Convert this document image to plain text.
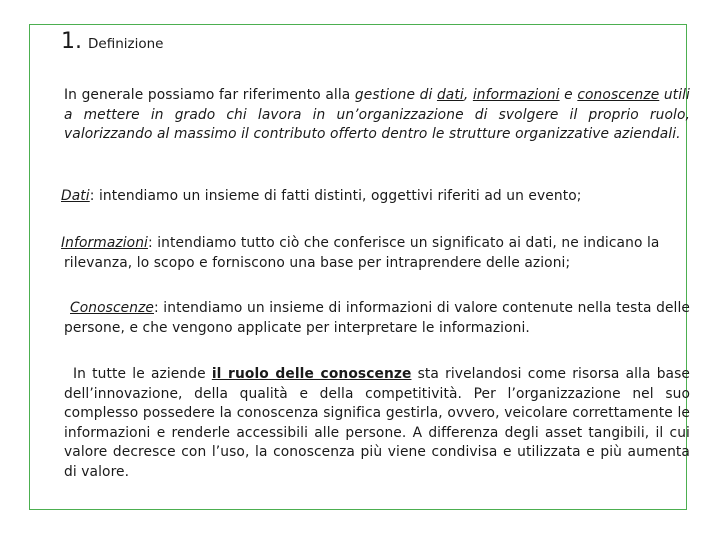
1. Definizione
In generale possiamo far riferimento alla gestione di dati, informazioni e conoscenze utili a mettere in grado chi lavora in un’organizzazione di svolgere il proprio ruolo, valorizzando al massimo il contributo offerto dentro le strutture organizzative aziendali.
Dati: intendiamo un insieme di fatti distinti, oggettivi riferiti ad un evento;
Informazioni: intendiamo tutto ciò che conferisce un significato ai dati, ne indicano la
rilevanza, lo scopo e forniscono una base per intraprendere delle azioni;
Conoscenze: intendiamo un insieme di informazioni di valore contenute nella testa delle persone, e che vengono applicate per interpretare le informazioni.
In tutte le aziende il ruolo delle conoscenze sta rivelandosi come risorsa alla base dell’innovazione, della qualità e della competitività. Per l’organizzazione nel suo complesso possedere la conoscenza significa gestirla, ovvero, veicolare correttamente le informazioni e renderle accessibili alle persone. A differenza degli asset tangibili, il cui valore decresce con l’uso, la conoscenza più viene condivisa e utilizzata e più aumenta di valore.
